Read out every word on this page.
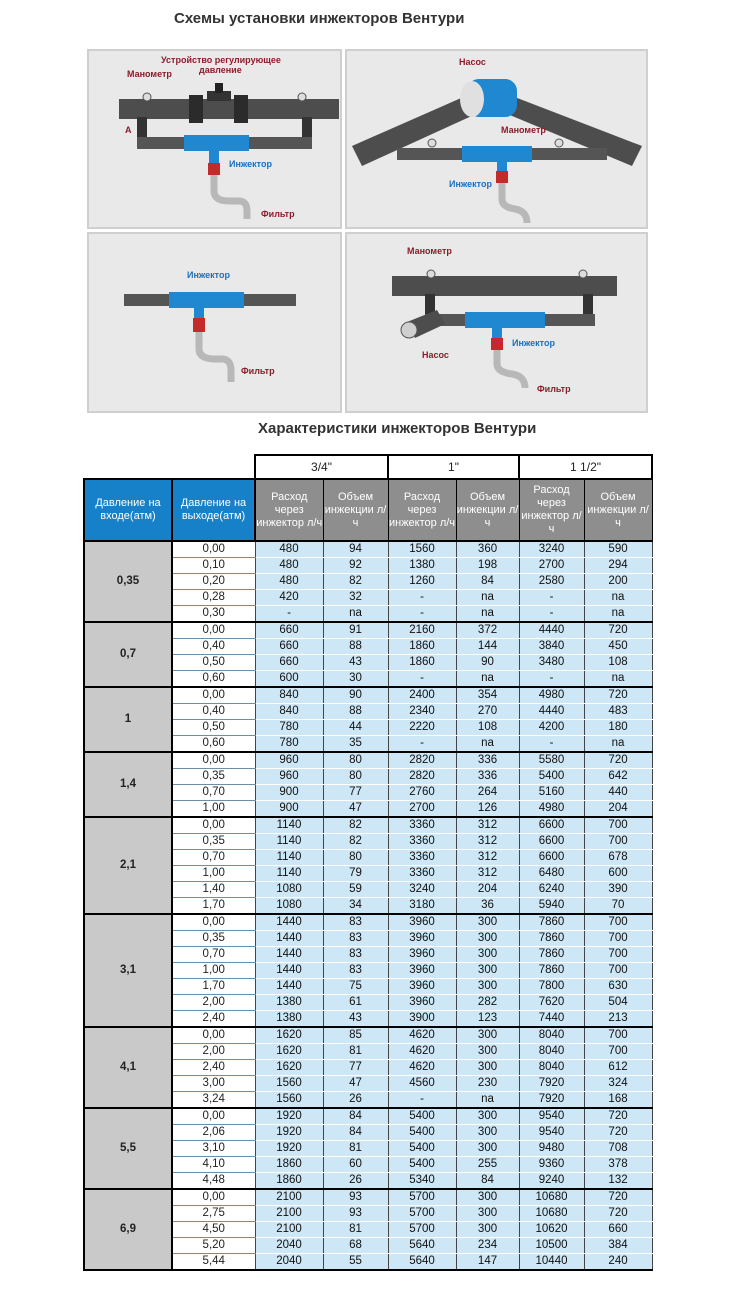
Схемы установки инжекторов Вентури
Манометр
Устройство регулирующее
давление
Инжектор
Фильтр
A
Насос
Манометр
Инжектор
Инжектор
Фильтр
Манометр
Инжектор
Насос
Фильтр
Характеристики инжекторов Вентури
		3/4"		1"		1 1/2"	
Давление на входе(атм)	Давление на выходе(атм)	Расход через инжектор л/ч	Объем инжекции л/ч	Расход через инжектор л/ч	Объем инжекции л/ч	Расход через инжектор л/ч	Объем инжекции л/ч
0,35	0,00	480	94	1560	360	3240	590
	0,10	480	92	1380	198	2700	294
	0,20	480	82	1260	84	2580	200
	0,28	420	32	-	na	-	na
	0,30	-	na	-	na	-	na
0,7	0,00	660	91	2160	372	4440	720
	0,40	660	88	1860	144	3840	450
	0,50	660	43	1860	90	3480	108
	0,60	600	30	-	na	-	na
1	0,00	840	90	2400	354	4980	720
	0,40	840	88	2340	270	4440	483
	0,50	780	44	2220	108	4200	180
	0,60	780	35	-	na	-	na
1,4	0,00	960	80	2820	336	5580	720
	0,35	960	80	2820	336	5400	642
	0,70	900	77	2760	264	5160	440
	1,00	900	47	2700	126	4980	204
2,1	0,00	1140	82	3360	312	6600	700
	0,35	1140	82	3360	312	6600	700
	0,70	1140	80	3360	312	6600	678
	1,00	1140	79	3360	312	6480	600
	1,40	1080	59	3240	204	6240	390
	1,70	1080	34	3180	36	5940	70
3,1	0,00	1440	83	3960	300	7860	700
	0,35	1440	83	3960	300	7860	700
	0,70	1440	83	3960	300	7860	700
	1,00	1440	83	3960	300	7860	700
	1,70	1440	75	3960	300	7800	630
	2,00	1380	61	3960	282	7620	504
	2,40	1380	43	3900	123	7440	213
4,1	0,00	1620	85	4620	300	8040	700
	2,00	1620	81	4620	300	8040	700
	2,40	1620	77	4620	300	8040	612
	3,00	1560	47	4560	230	7920	324
	3,24	1560	26	-	na	7920	168
5,5	0,00	1920	84	5400	300	9540	720
	2,06	1920	84	5400	300	9540	720
	3,10	1920	81	5400	300	9480	708
	4,10	1860	60	5400	255	9360	378
	4,48	1860	26	5340	84	9240	132
6,9	0,00	2100	93	5700	300	10680	720
	2,75	2100	93	5700	300	10680	720
	4,50	2100	81	5700	300	10620	660
	5,20	2040	68	5640	234	10500	384
	5,44	2040	55	5640	147	10440	240
